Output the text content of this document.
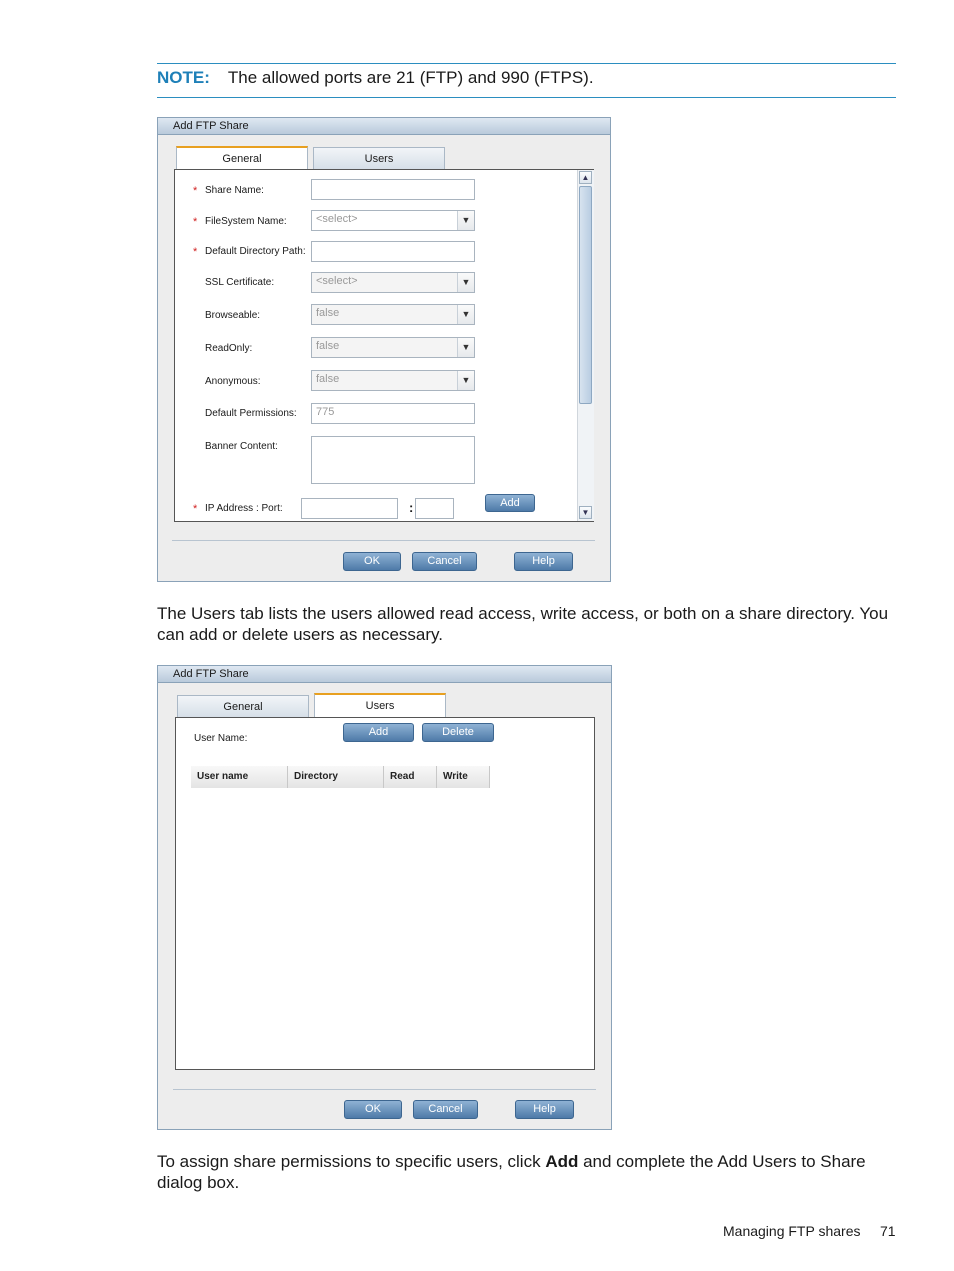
NOTE: The allowed ports are 21 (FTP) and 990 (FTPS).
Add FTP Share
General	Users
▲
▼
* Share Name:
* FileSystem Name:	<select>	▼
* Default Directory Path:
SSL Certificate:	<select>	▼
Browseable:	false	▼
ReadOnly:	false	▼
Anonymous:	false	▼
Default Permissions:	775
Banner Content:
* IP Address : Port:	:	Add
OK	Cancel	Help
The Users tab lists the users allowed read access, write access, or both on a share directory. You can add or delete users as necessary.
Add FTP Share
General	Users
User Name:
Add	Delete
User name	Directory	Read	Write
OK	Cancel	Help
To assign share permissions to specific users, click Add and complete the Add Users to Share dialog box.
Managing FTP shares 71
